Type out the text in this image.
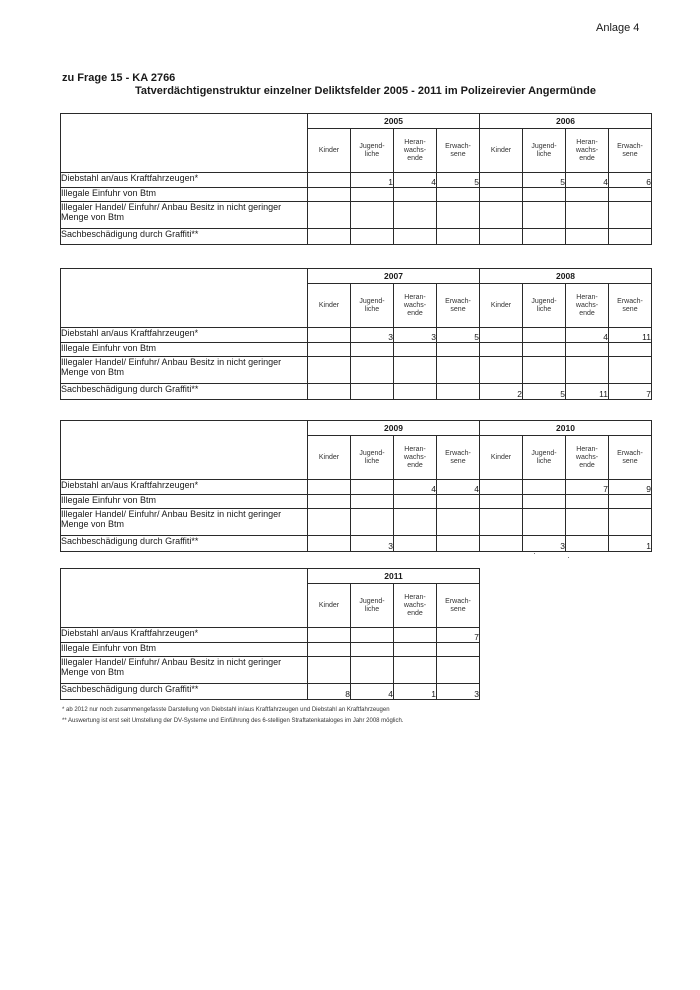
Anlage 4
zu Frage 15 - KA 2766
Tatverdächtigenstruktur einzelner Deliktsfelder 2005 - 2011 im Polizeirevier Angermünde
	2005				2006			
	Kinder	Jugend-
liche	Heran-
wachs-
ende	Erwach-
sene	Kinder	Jugend-
liche	Heran-
wachs-
ende	Erwach-
sene
Diebstahl an/aus Kraftfahrzeugen*		1	4	5		5	4	6
Illegale Einfuhr von Btm								
Illegaler Handel/ Einfuhr/ Anbau Besitz in nicht geringer Menge von Btm								
Sachbeschädigung durch Graffiti**								
	2007				2008			
	Kinder	Jugend-
liche	Heran-
wachs-
ende	Erwach-
sene	Kinder	Jugend-
liche	Heran-
wachs-
ende	Erwach-
sene
Diebstahl an/aus Kraftfahrzeugen*		3	3	5			4	11
Illegale Einfuhr von Btm								
Illegaler Handel/ Einfuhr/ Anbau Besitz in nicht geringer Menge von Btm								
Sachbeschädigung durch Graffiti**					2	5	11	7
	2009				2010			
	Kinder	Jugend-
liche	Heran-
wachs-
ende	Erwach-
sene	Kinder	Jugend-
liche	Heran-
wachs-
ende	Erwach-
sene
Diebstahl an/aus Kraftfahrzeugen*			4	4			7	9
Illegale Einfuhr von Btm								
Illegaler Handel/ Einfuhr/ Anbau Besitz in nicht geringer Menge von Btm								
Sachbeschädigung durch Graffiti**		3				3		1
	2011			
	Kinder	Jugend-
liche	Heran-
wachs-
ende	Erwach-
sene
Diebstahl an/aus Kraftfahrzeugen*				7
Illegale Einfuhr von Btm				
Illegaler Handel/ Einfuhr/ Anbau Besitz in nicht geringer Menge von Btm				
Sachbeschädigung durch Graffiti**	8	4	1	3
* ab 2012 nur noch zusammengefasste Darstellung von Diebstahl in/aus Kraftfahrzeugen und Diebstahl an Kraftfahrzeugen
** Auswertung ist erst seit Umstellung der DV-Systeme und Einführung des 6-stelligen Straftatenkataloges im Jahr 2008 möglich.
·	·
